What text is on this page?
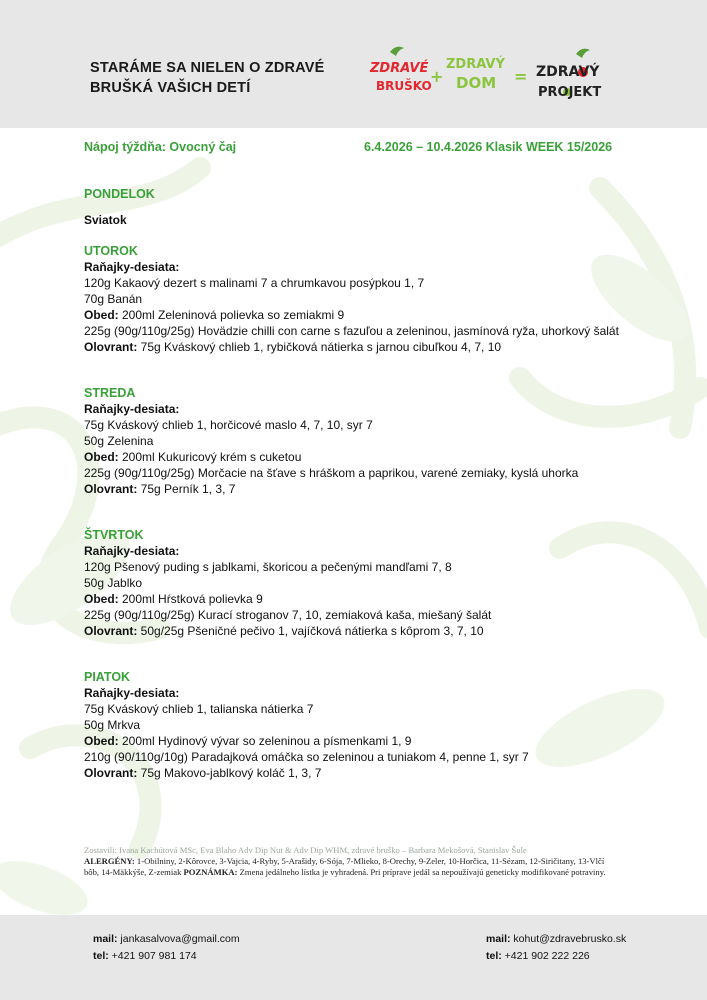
STARÁME SA NIELEN O ZDRAVÉ
BRUŠKÁ VAŠICH DETÍ
ZDRAVÉ
BRUŠKO
+
ZDRAVÝ
DOM = ZDRAVÝ
PROJEKT
Nápoj týždňa: Ovocný čaj	6.4.2026 – 10.4.2026 Klasik WEEK 15/2026
PONDELOK
Sviatok
UTOROK
Raňajky-desiata:
120g Kakaový dezert s malinami 7 a chrumkavou posýpkou 1, 7
70g Banán
Obed: 200ml Zeleninová polievka so zemiakmi 9
225g (90g/110g/25g) Hovädzie chilli con carne s fazuľou a zeleninou, jasmínová ryža, uhorkový šalát
Olovrant: 75g Kváskový chlieb 1, rybičková nátierka s jarnou cibuľkou 4, 7, 10
STREDA
Raňajky-desiata:
75g Kváskový chlieb 1, horčicové maslo 4, 7, 10, syr 7
50g Zelenina
Obed: 200ml Kukuricový krém s cuketou
225g (90g/110g/25g) Morčacie na šťave s hráškom a paprikou, varené zemiaky, kyslá uhorka
Olovrant: 75g Perník 1, 3, 7
ŠTVRTOK
Raňajky-desiata:
120g Pšenový puding s jablkami, škoricou a pečenými mandľami 7, 8
50g Jablko
Obed: 200ml Hŕstková polievka 9
225g (90g/110g/25g) Kurací stroganov 7, 10, zemiaková kaša, miešaný šalát
Olovrant: 50g/25g Pšeničné pečivo 1, vajíčková nátierka s kôprom 3, 7, 10
PIATOK
Raňajky-desiata:
75g Kváskový chlieb 1, talianska nátierka 7
50g Mrkva
Obed: 200ml Hydinový vývar so zeleninou a písmenkami 1, 9
210g (90/110g/10g) Paradajková omáčka so zeleninou a tuniakom 4, penne 1, syr 7
Olovrant: 75g Makovo-jablkový koláč 1, 3, 7
Zostavili: Ivana Kachútová MSc, Eva Blaho Adv Dip Nut & Adv Dip WHM, zdravé bruško – Barbara Mekošová, Stanislav Šule
ALERGÉNY: 1-Obilniny, 2-Kôrovce, 3-Vajcia, 4-Ryby, 5-Arašidy, 6-Sója, 7-Mlieko, 8-Orechy, 9-Zeler, 10-Horčica, 11-Sézam, 12-Siričitany, 13-Vlčí bôb, 14-Mäkkýše, Z-zemiak POZNÁMKA: Zmena jedálneho lístka je vyhradená. Pri príprave jedál sa nepoužívajú geneticky modifikované potraviny.
mail: jankasalvova@gmail.com
tel: +421 907 981 174
mail: kohut@zdravebrusko.sk
tel: +421 902 222 226
